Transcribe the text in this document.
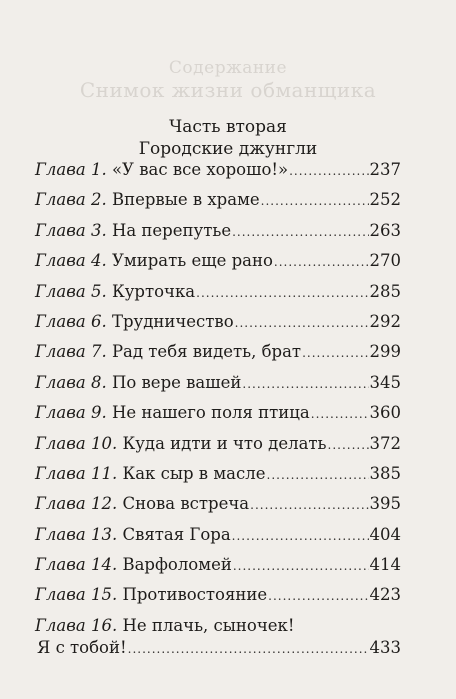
Содержание
Снимок жизни обманщика
Часть вторая
Городские джунгли
Глава 1. «У вас все хорошо!» .....	237
Глава 2. Впервые в храме .....	252
Глава 3. На перепутье .....	263
Глава 4. Умирать еще рано .....	270
Глава 5. Курточка .....	285
Глава 6. Трудничество .....	292
Глава 7. Рад тебя видеть, брат .....	299
Глава 8. По вере вашей .....	345
Глава 9. Не нашего поля птица .....	360
Глава 10. Куда идти и что делать .....	372
Глава 11. Как сыр в масле .....	385
Глава 12. Снова встреча .....	395
Глава 13. Святая Гора .....	404
Глава 14. Варфоломей .....	414
Глава 15. Противостояние .....	423
Глава 16. Не плачь, сыночек!
Я с тобой! .....	433
